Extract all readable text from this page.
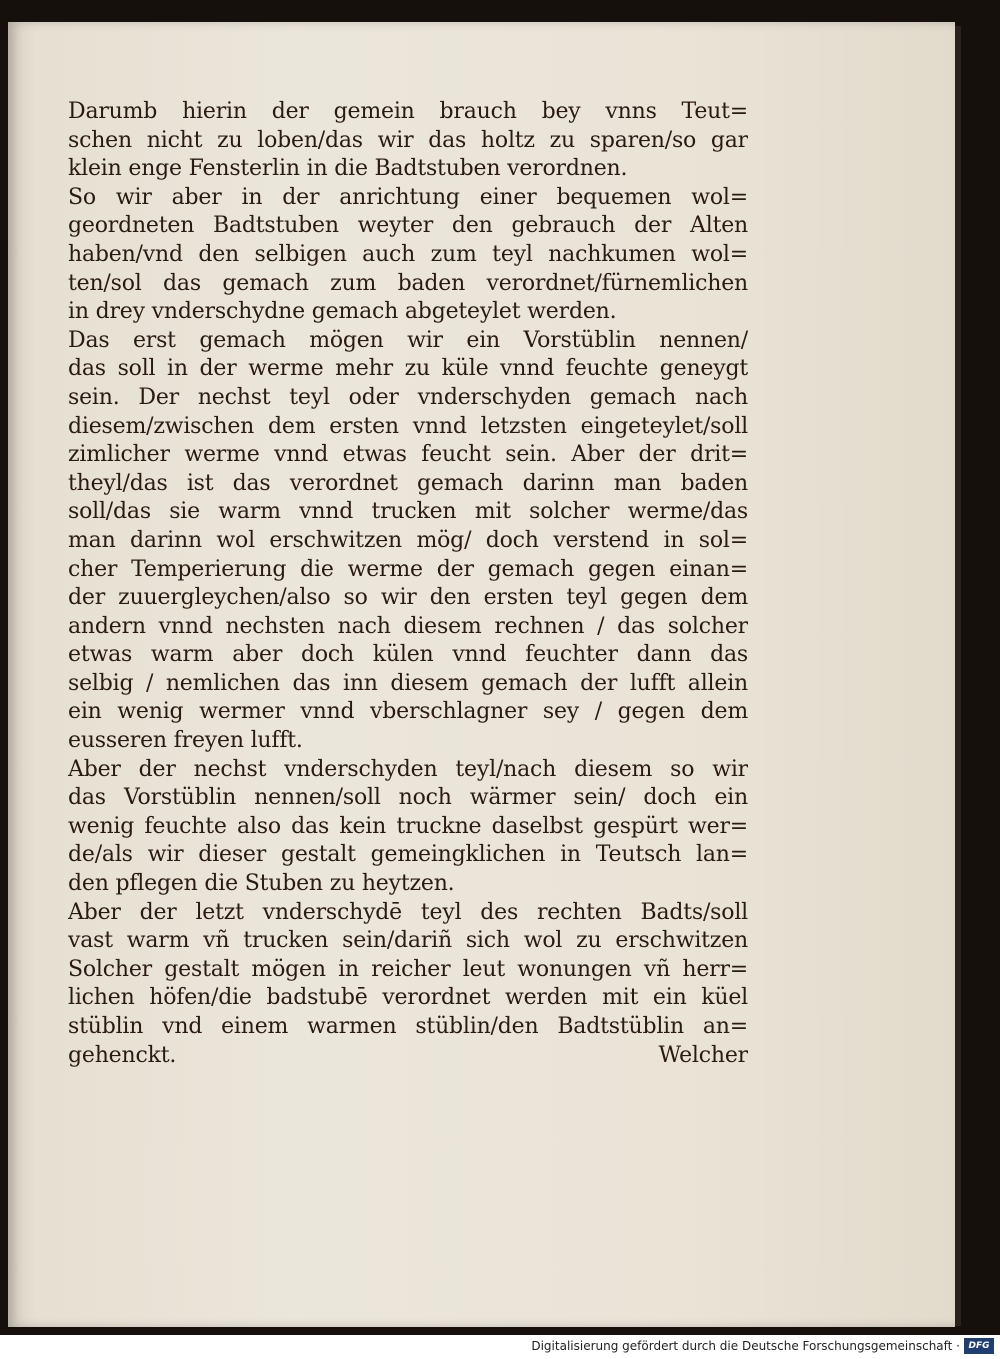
Darumb hierin der gemein brauch bey vnns Teut=
schen nicht zu loben/das wir das holtz zu sparen/so gar
klein enge Fensterlin in die Badtstuben verordnen.
So wir aber in der anrichtung einer bequemen wol=
geordneten Badtstuben weyter den gebrauch der Alten
haben/vnd den selbigen auch zum teyl nachkumen wol=
ten/sol das gemach zum baden verordnet/fürnemlichen
in drey vnderschydne gemach abgeteylet werden.
Das erst gemach mögen wir ein Vorstüblin nennen/
das soll in der werme mehr zu küle vnnd feuchte geneygt
sein. Der nechst teyl oder vnderschyden gemach nach
diesem/zwischen dem ersten vnnd letzsten eingeteylet/soll
zimlicher werme vnnd etwas feucht sein. Aber der drit=
theyl/das ist das verordnet gemach darinn man baden
soll/das sie warm vnnd trucken mit solcher werme/das
man darinn wol erschwitzen mög/ doch verstend in sol=
cher Temperierung die werme der gemach gegen einan=
der zuuergleychen/also so wir den ersten teyl gegen dem
andern vnnd nechsten nach diesem rechnen / das solcher
etwas warm aber doch külen vnnd feuchter dann das
selbig / nemlichen das inn diesem gemach der lufft allein
ein wenig wermer vnnd vberschlagner sey / gegen dem
eusseren freyen lufft.
Aber der nechst vnderschyden teyl/nach diesem so wir
das Vorstüblin nennen/soll noch wärmer sein/ doch ein
wenig feuchte also das kein trucknе daselbst gespürt wer=
de/als wir dieser gestalt gemeingklichen in Teutsch lan=
den pflegen die Stuben zu heytzen.
Aber der letzt vnderschydē teyl des rechten Badts/soll
vast warm vñ trucken sein/dariñ sich wol zu erschwitzen
Solcher gestalt mögen in reicher leut wonungen vñ herr=
lichen höfen/die badstubē verordnet werden mit ein küel
stüblin vnd einem warmen stüblin/den Badtstüblin an=
gehenckt.	Welcher
Digitalisierung gefördert durch die Deutsche Forschungsgemeinschaft · DFG
